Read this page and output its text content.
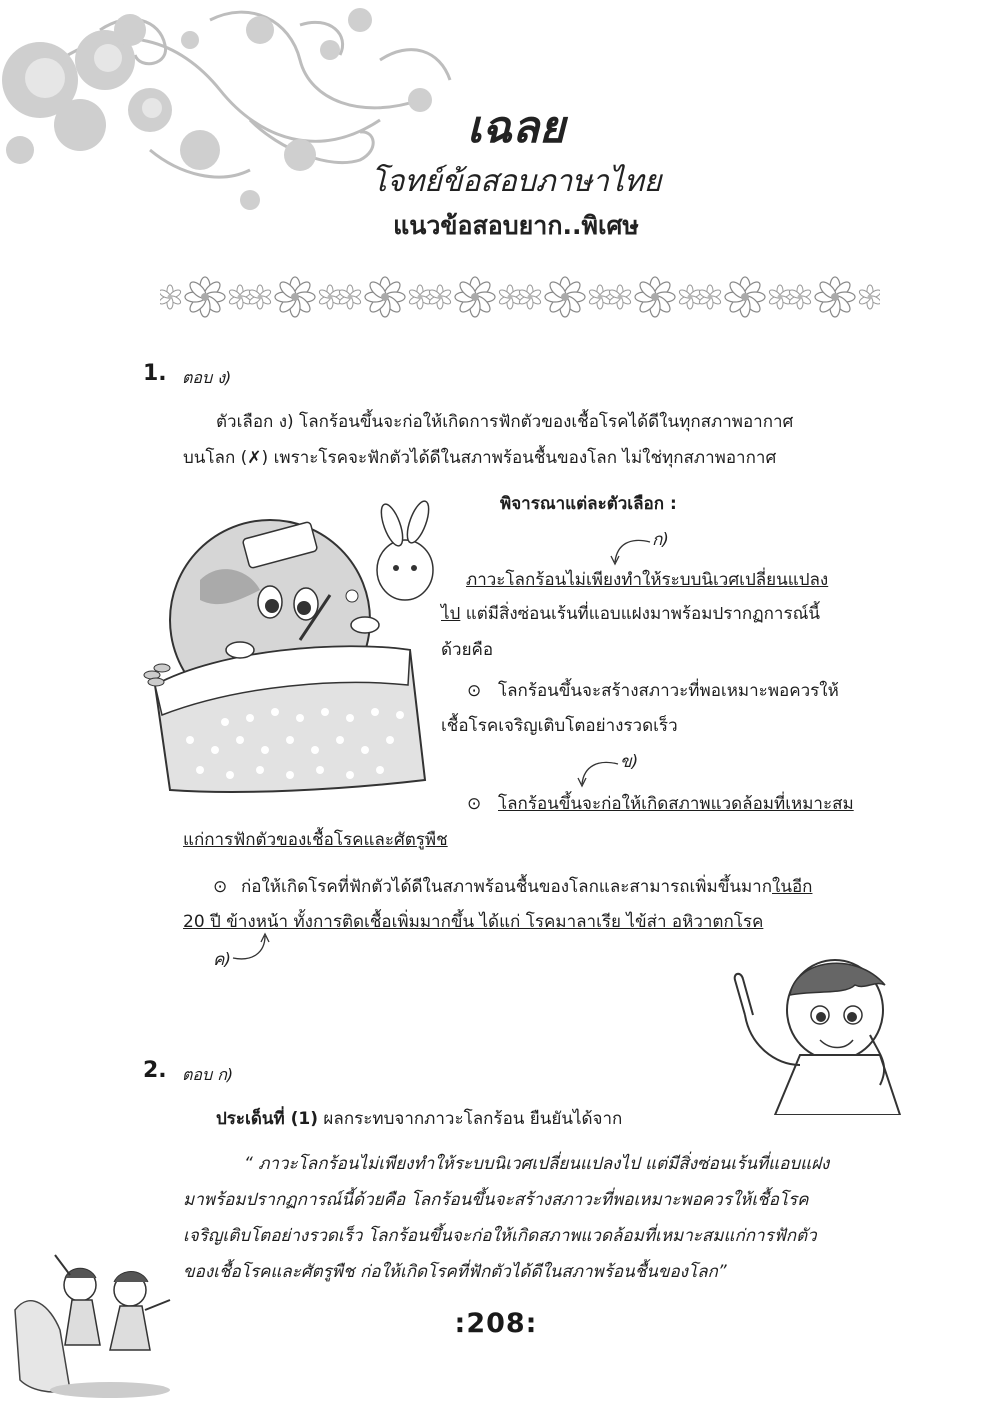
เฉลย
โจทย์ข้อสอบภาษาไทย
แนวข้อสอบยาก..พิเศษ
1. ตอบ ง)
ตัวเลือก ง) โลกร้อนขึ้นจะก่อให้เกิดการฟักตัวของเชื้อโรคได้ดีในทุกสภาพอากาศ
บนโลก (✗) เพราะโรคจะฟักตัวได้ดีในสภาพร้อนชื้นของโลก ไม่ใช่ทุกสภาพอากาศ
พิจารณาแต่ละตัวเลือก :
ก)
ภาวะโลกร้อนไม่เพียงทำให้ระบบนิเวศเปลี่ยนแปลง
ไป แต่มีสิ่งซ่อนเร้นที่แอบแฝงมาพร้อมปรากฏการณ์นี้
ด้วยคือ
⊙ โลกร้อนขึ้นจะสร้างสภาวะที่พอเหมาะพอควรให้
เชื้อโรคเจริญเติบโตอย่างรวดเร็ว
ข)
⊙ โลกร้อนขึ้นจะก่อให้เกิดสภาพแวดล้อมที่เหมาะสม
แก่การฟักตัวของเชื้อโรคและศัตรูพืช
⊙ ก่อให้เกิดโรคที่ฟักตัวได้ดีในสภาพร้อนชื้นของโลกและสามารถเพิ่มขึ้นมากในอีก
20 ปี ข้างหน้า ทั้งการติดเชื้อเพิ่มมากขึ้น ได้แก่ โรคมาลาเรีย ไข้ส่า อหิวาตกโรค
ค)
2. ตอบ ก)
ประเด็นที่ (1) ผลกระทบจากภาวะโลกร้อน ยืนยันได้จาก
“ ภาวะโลกร้อนไม่เพียงทำให้ระบบนิเวศเปลี่ยนแปลงไป แต่มีสิ่งซ่อนเร้นที่แอบแฝง
มาพร้อมปรากฏการณ์นี้ด้วยคือ โลกร้อนขึ้นจะสร้างสภาวะที่พอเหมาะพอควรให้เชื้อโรค
เจริญเติบโตอย่างรวดเร็ว โลกร้อนขึ้นจะก่อให้เกิดสภาพแวดล้อมที่เหมาะสมแก่การฟักตัว
ของเชื้อโรคและศัตรูพืช ก่อให้เกิดโรคที่ฟักตัวได้ดีในสภาพร้อนชื้นของโลก”
:208:
